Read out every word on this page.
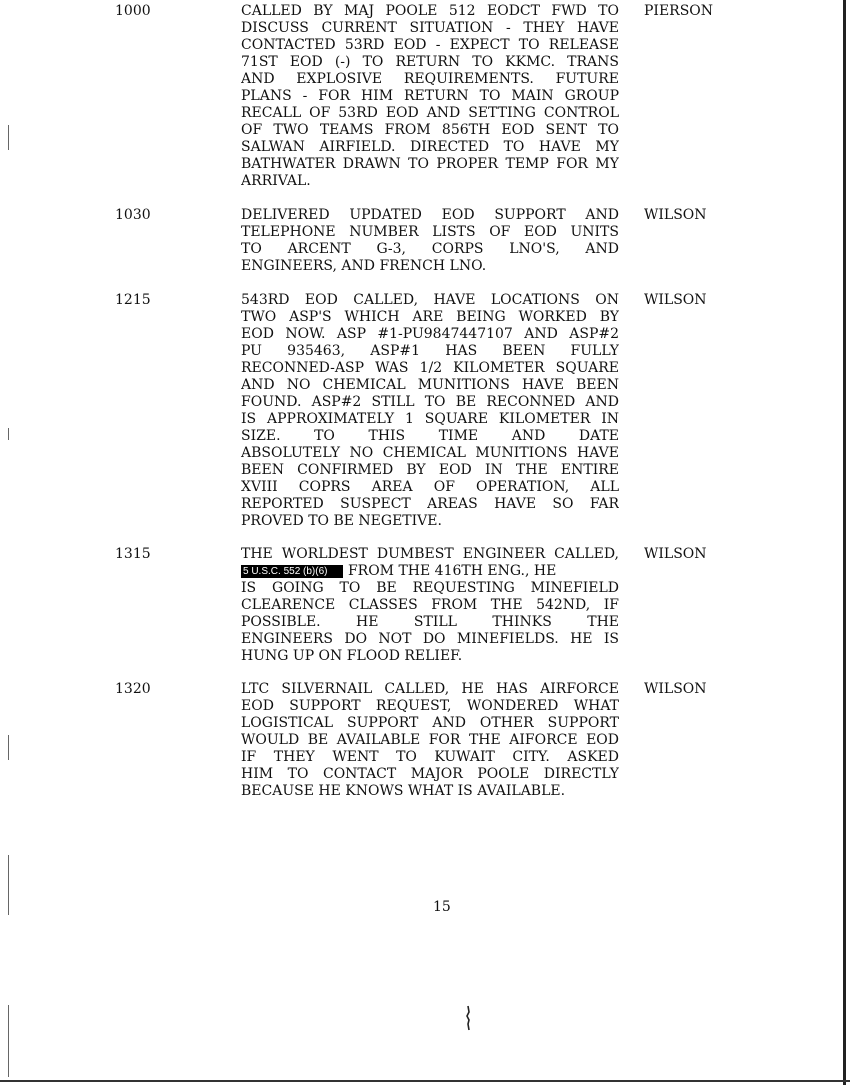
1000	CALLED BY MAJ POOLE 512 EODCT FWD TO
DISCUSS CURRENT SITUATION - THEY HAVE
CONTACTED 53RD EOD - EXPECT TO RELEASE
71ST EOD (-) TO RETURN TO KKMC. TRANS
AND EXPLOSIVE REQUIREMENTS. FUTURE
PLANS - FOR HIM RETURN TO MAIN GROUP
RECALL OF 53RD EOD AND SETTING CONTROL
OF TWO TEAMS FROM 856TH EOD SENT TO
SALWAN AIRFIELD. DIRECTED TO HAVE MY
BATHWATER DRAWN TO PROPER TEMP FOR MY
ARRIVAL.
PIERSON
1030	DELIVERED UPDATED EOD SUPPORT AND
TELEPHONE NUMBER LISTS OF EOD UNITS
TO ARCENT G-3, CORPS LNO'S, AND
ENGINEERS, AND FRENCH LNO.
WILSON
1215	543RD EOD CALLED, HAVE LOCATIONS ON
TWO ASP'S WHICH ARE BEING WORKED BY
EOD NOW. ASP #1-PU9847447107 AND ASP#2
PU 935463, ASP#1 HAS BEEN FULLY
RECONNED-ASP WAS 1/2 KILOMETER SQUARE
AND NO CHEMICAL MUNITIONS HAVE BEEN
FOUND. ASP#2 STILL TO BE RECONNED AND
IS APPROXIMATELY 1 SQUARE KILOMETER IN
SIZE. TO THIS TIME AND DATE
ABSOLUTELY NO CHEMICAL MUNITIONS HAVE
BEEN CONFIRMED BY EOD IN THE ENTIRE
XVIII COPRS AREA OF OPERATION, ALL
REPORTED SUSPECT AREAS HAVE SO FAR
PROVED TO BE NEGETIVE.
WILSON
1315	THE WORLDEST DUMBEST ENGINEER CALLED,
5 U.S.C. 552 (b)(6) FROM THE 416TH ENG., HE
IS GOING TO BE REQUESTING MINEFIELD
CLEARENCE CLASSES FROM THE 542ND, IF
POSSIBLE. HE STILL THINKS THE
ENGINEERS DO NOT DO MINEFIELDS. HE IS
HUNG UP ON FLOOD RELIEF.
WILSON
1320	LTC SILVERNAIL CALLED, HE HAS AIRFORCE
EOD SUPPORT REQUEST, WONDERED WHAT
LOGISTICAL SUPPORT AND OTHER SUPPORT
WOULD BE AVAILABLE FOR THE AIFORCE EOD
IF THEY WENT TO KUWAIT CITY. ASKED
HIM TO CONTACT MAJOR POOLE DIRECTLY
BECAUSE HE KNOWS WHAT IS AVAILABLE.
WILSON
15
